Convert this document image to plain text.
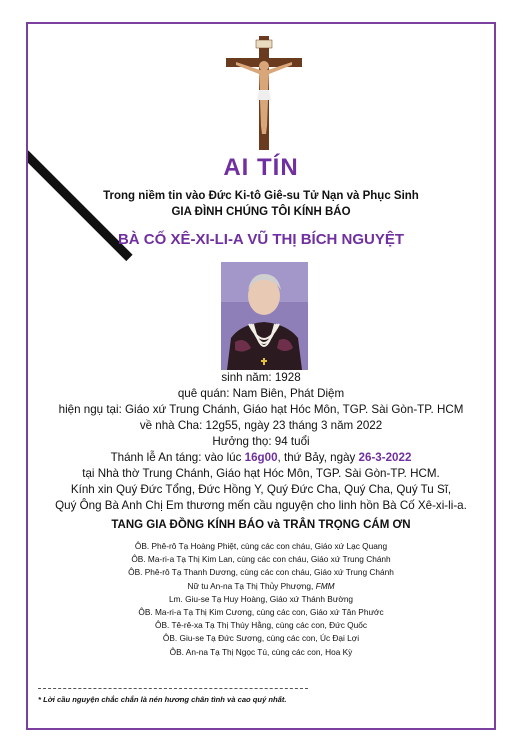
AI TÍN
Trong niềm tin vào Đức Ki-tô Giê-su Tử Nạn và Phục Sinh
GIA ĐÌNH CHÚNG TÔI KÍNH BÁO
BÀ CỐ XÊ-XI-LI-A VŨ THỊ BÍCH NGUYỆT
sinh năm: 1928
quê quán: Nam Biên, Phát Diệm
hiện ngụ tại: Giáo xứ Trung Chánh, Giáo hạt Hóc Môn, TGP. Sài Gòn-TP. HCM
về nhà Cha: 12g55, ngày 23 tháng 3 năm 2022
Hưởng thọ: 94 tuổi
Thánh lễ An táng: vào lúc 16g00, thứ Bảy, ngày 26-3-2022
tại Nhà thờ Trung Chánh, Giáo hạt Hóc Môn, TGP. Sài Gòn-TP. HCM.
Kính xin Quý Đức Tổng, Đức Hồng Y, Quý Đức Cha, Quý Cha, Quý Tu Sĩ,
Quý Ông Bà Anh Chị Em thương mến cầu nguyện cho linh hồn Bà Cố Xê-xi-li-a.
TANG GIA ĐỒNG KÍNH BÁO và TRÂN TRỌNG CÁM ƠN
ÔB. Phê-rô Tạ Hoàng Phiệt, cùng các con cháu, Giáo xứ Lạc Quang
ÔB. Ma-ri-a Tạ Thị Kim Lan, cùng các con cháu, Giáo xứ Trung Chánh
ÔB. Phê-rô Tạ Thanh Dương, cùng các con cháu, Giáo xứ Trung Chánh
Nữ tu An-na Tạ Thị Thủy Phượng, FMM
Lm. Giu-se Tạ Huy Hoàng, Giáo xứ Thánh Bường
ÔB. Ma-ri-a Tạ Thị Kim Cương, cùng các con, Giáo xứ Tân Phước
ÔB. Tê-rê-xa Tạ Thị Thúy Hằng, cùng các con, Đức Quốc
ÔB. Giu-se Tạ Đức Sương, cùng các con, Úc Đại Lợi
ÔB. An-na Tạ Thị Ngọc Tú, cùng các con, Hoa Kỳ
* Lời cầu nguyện chắc chắn là nén hương chân tình và cao quý nhất.
